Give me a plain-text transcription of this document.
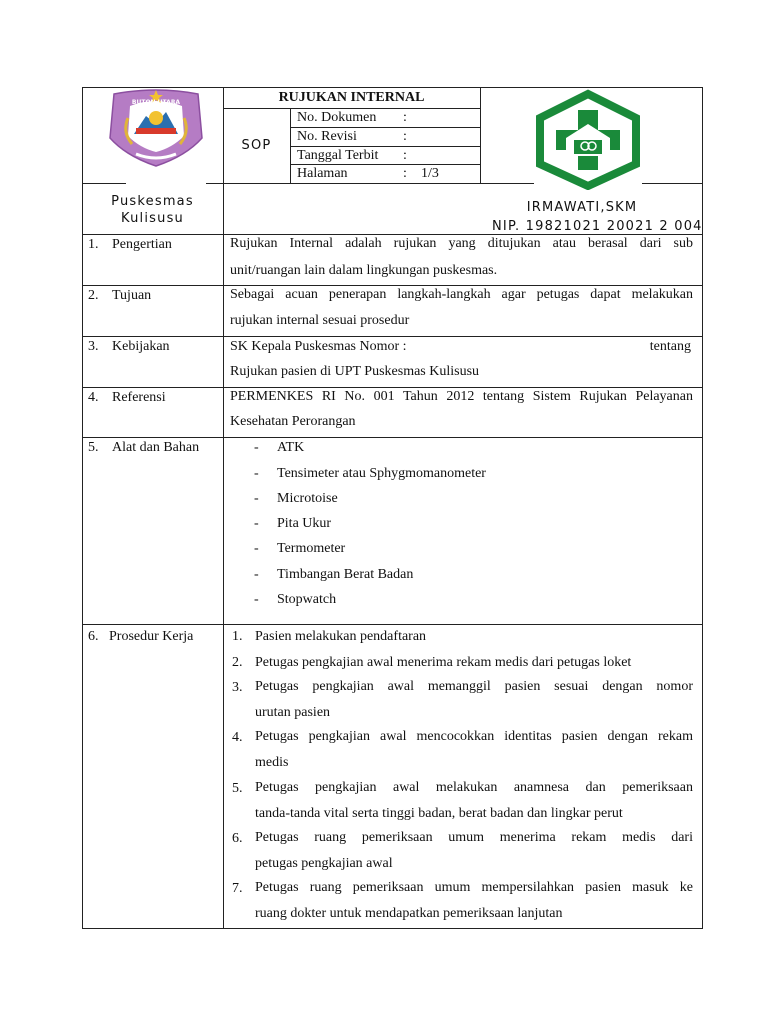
BUTON UTARA	RUJUKAN INTERNAL
SOP
No. Dokumen :
No. Revisi	:
Tanggal Terbit :
Halaman	: 1/3
Puskesmas
Kulisusu
IRMAWATI,SKM
NIP. 19821021 20021 2 004
1. Pengertian	Rujukan Internal adalah rujukan yang ditujukan atau berasal dari sub
unit/ruangan lain dalam lingkungan puskesmas.
2. Tujuan	Sebagai acuan penerapan langkah-langkah agar petugas dapat melakukan
rujukan internal sesuai prosedur
3. Kebijakan	SK Kepala Puskesmas Nomor :	tentang
Rujukan pasien di UPT Puskesmas Kulisusu
4. Referensi	PERMENKES RI No. 001 Tahun 2012 tentang Sistem Rujukan Pelayanan
Kesehatan Perorangan
5. Alat dan Bahan	- ATK
- Tensimeter atau Sphygmomanometer
- Microtoise
- Pita Ukur
- Termometer
- Timbangan Berat Badan
- Stopwatch
6. Prosedur Kerja	1. Pasien melakukan pendaftaran
2. Petugas pengkajian awal menerima rekam medis dari petugas loket
3. Petugas pengkajian awal memanggil pasien sesuai dengan nomor
urutan pasien
4. Petugas pengkajian awal mencocokkan identitas pasien dengan rekam
medis
5. Petugas pengkajian awal melakukan anamnesa dan pemeriksaan
tanda-tanda vital serta tinggi badan, berat badan dan lingkar perut
6. Petugas ruang pemeriksaan umum menerima rekam medis dari
petugas pengkajian awal
7. Petugas ruang pemeriksaan umum mempersilahkan pasien masuk ke
ruang dokter untuk mendapatkan pemeriksaan lanjutan
